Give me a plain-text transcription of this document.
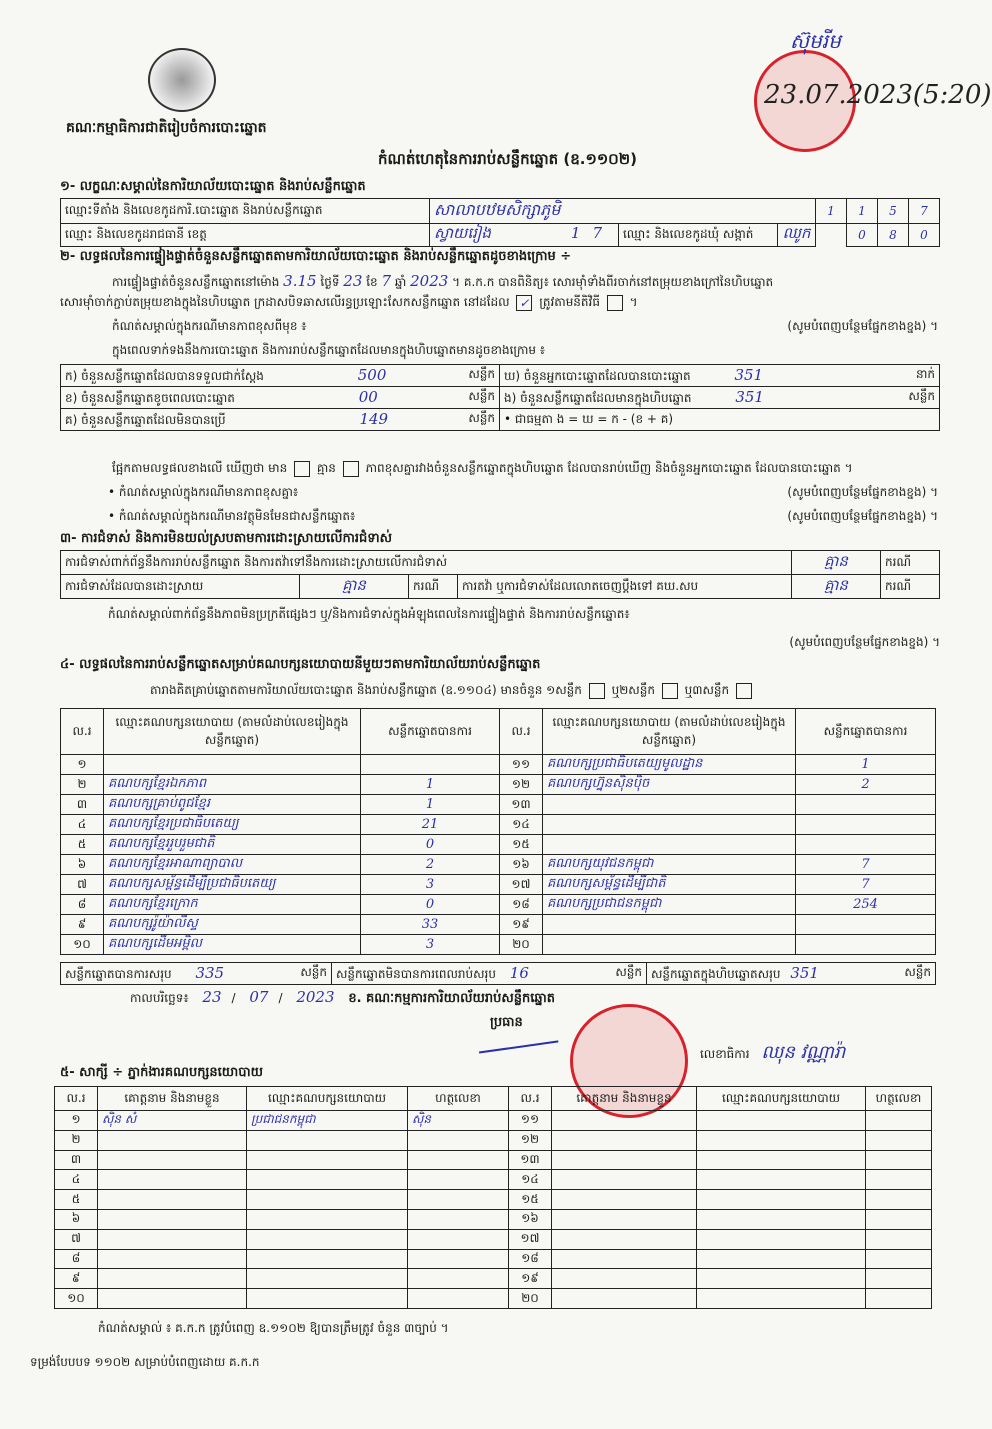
គណៈកម្មាធិការជាតិរៀបចំការបោះឆ្នោត
ស៊ុមរីម
23.07.2023(5:20)
កំណត់ហេតុនៃការរាប់សន្លឹកឆ្នោត (ឧ.១១០២)
១- លក្ខណៈសម្គាល់នៃការិយាល័យបោះឆ្នោត និងរាប់សន្លឹកឆ្នោត
ឈ្មោះទីតាំង និងលេខកូដការិ.បោះឆ្នោត និងរាប់សន្លឹកឆ្នោត	សាលាបឋមសិក្សាភូមិ			1	1	5	7
ឈ្មោះ និងលេខកូដរាជធានី ខេត្ត	ស្វាយរៀង 17	ឈ្មោះ និងលេខកូដឃុំ សង្កាត់	ឈូក		0	8	0
២- លទ្ធផលនៃការផ្ទៀងផ្ទាត់ចំនួនសន្លឹកឆ្នោតតាមការិយាល័យបោះឆ្នោត និងរាប់សន្លឹកឆ្នោតដូចខាងក្រោម ÷
ការផ្ទៀងផ្ទាត់ចំនួនសន្លឹកឆ្នោតនៅម៉ោង 3.15 ថ្ងៃទី 23 ខែ 7 ឆ្នាំ 2023 ។ គ.ក.ក បានពិនិត្យ៖ សោរម៉ាំទាំងពីរចាក់នៅតម្រុយខាងក្រៅនៃហិបឆ្នោត
សោរម៉ាំចាក់ភ្ជាប់តម្រុយខាងក្នុងនៃហិបឆ្នោត ក្រដាសបិទឆាសលើរន្ធប្រឡោះសែកសន្លឹកឆ្នោត នៅដដែល ✓ ត្រូវតាមនីតិវិធី ។
កំណត់សម្គាល់ក្នុងករណីមានភាពខុសពីមុខ ៖	(សូមបំពេញបន្ថែមផ្នែកខាងខ្នង) ។
ក្នុងពេលទាក់ទងនឹងការបោះឆ្នោត និងការរាប់សន្លឹកឆ្នោតដែលមានក្នុងហិបឆ្នោតមានដូចខាងក្រោម ៖
ក) ចំនួនសន្លឹកឆ្នោតដែលបានទទួលជាក់ស្តែង 500 សន្លឹក	ឃ) ចំនួនអ្នកបោះឆ្នោតដែលបានបោះឆ្នោត 351 នាក់

ខ) ចំនួនសន្លឹកឆ្នោតខូចពេលបោះឆ្នោត 00 សន្លឹក	ង) ចំនួនសន្លឹកឆ្នោតដែលមានក្នុងហិបឆ្នោត 351 សន្លឹក

គ) ចំនួនសន្លឹកឆ្នោតដែលមិនបានប្រើ 149 សន្លឹក	• ជាធម្មតា ង = ឃ = ក - (ខ + គ)
ផ្អែកតាមលទ្ធផលខាងលើ ឃើញថា មាន គ្មាន ភាពខុសគ្នារវាងចំនួនសន្លឹកឆ្នោតក្នុងហិបឆ្នោត ដែលបានរាប់ឃើញ និងចំនួនអ្នកបោះឆ្នោត ដែលបានបោះឆ្នោត ។
• កំណត់សម្គាល់ក្នុងករណីមានភាពខុសគ្នា៖	(សូមបំពេញបន្ថែមផ្នែកខាងខ្នង) ។
• កំណត់សម្គាល់ក្នុងករណីមានវត្ថុមិនមែនជាសន្លឹកឆ្នោត៖	(សូមបំពេញបន្ថែមផ្នែកខាងខ្នង) ។
៣- ការជំទាស់ និងការមិនយល់ស្របតាមការដោះស្រាយលើការជំទាស់
ការជំទាស់ពាក់ព័ន្ធនឹងការរាប់សន្លឹកឆ្នោត និងការតវ៉ាទៅនឹងការដោះស្រាយលើការជំទាស់				គ្មាន	ករណី
ការជំទាស់ដែលបានដោះស្រាយ	គ្មាន	ករណី	ការតវ៉ា ឬការជំទាស់ដែលលោតចេញប្តឹងទៅ គឃ.សប	គ្មាន	ករណី
កំណត់សម្គាល់ពាក់ព័ន្ធនឹងភាពមិនប្រក្រតីផ្សេងៗ ឬ/និងការជំទាស់ក្នុងអំឡុងពេលនៃការផ្ទៀងផ្ទាត់ និងការរាប់សន្លឹកឆ្នោត៖
(សូមបំពេញបន្ថែមផ្នែកខាងខ្នង) ។
៤- លទ្ធផលនៃការរាប់សន្លឹកឆ្នោតសម្រាប់គណបក្សនយោបាយនីមួយៗតាមការិយាល័យរាប់សន្លឹកឆ្នោត
តារាងគិតគ្រាប់ឆ្នោតតាមការិយាល័យបោះឆ្នោត និងរាប់សន្លឹកឆ្នោត (ឧ.១១០៤) មានចំនួន ១សន្លឹក ឬ២សន្លឹក ឬ៣សន្លឹក
ល.រ	ឈ្មោះគណបក្សនយោបាយ (តាមលំដាប់លេខរៀងក្នុងសន្លឹកឆ្នោត)	សន្លឹកឆ្នោតបានការ	ល.រ	ឈ្មោះគណបក្សនយោបាយ (តាមលំដាប់លេខរៀងក្នុងសន្លឹកឆ្នោត)	សន្លឹកឆ្នោតបានការ
១			១១	គណបក្សប្រជាធិបតេយ្យមូលដ្ឋាន	1
២	គណបក្សខ្មែរ​ឯកភាព	1	១២	គណបក្សហ្វ៊ុនស៊ិនប៉ិច	2
៣	គណបក្សគ្រាប់ពូជខ្មែរ	1	១៣		
៤	គណបក្សខ្មែរ​ប្រជាធិបតេយ្យ	21	១៤		
៥	គណបក្សខ្មែរ​រួបរួមជាតិ	0	១៥		
៦	គណបក្សខ្មែរ​អាណាព្យាបាល	2	១៦	គណបក្សយុវជនកម្ពុជា	7
៧	គណបក្សសម្ព័ន្ធដើម្បីប្រជាធិបតេយ្យ	3	១៧	គណបក្សសម្ព័ន្ធដើម្បីជាតិ	7
៨	គណបក្សខ្មែរ​ក្រោក	0	១៨	គណបក្សប្រជាជនកម្ពុជា	254
៩	គណបក្សរ៉ូយ៉ាលីស្ទ	33	១៩		
១០	គណបក្សដើមអម្ពិល	3	២០		
សន្លឹកឆ្នោតបានការសរុប 335	សន្លឹក	សន្លឹកឆ្នោតមិនបានការពេលរាប់សរុប 16	សន្លឹក	សន្លឹកឆ្នោតក្នុងហិបឆ្នោតសរុប 351	សន្លឹក
កាលបរិច្ឆេទ៖ 23 / 07 / 2023 ខ. គណៈកម្មការការិយាល័យរាប់សន្លឹកឆ្នោត
ប្រធាន
លេខាធិការ ឈុន វណ្ណារ៉ា
៥- សាក្សី ÷ ភ្នាក់ងារគណបក្សនយោបាយ
ល.រ	គោត្តនាម និងនាមខ្លួន	ឈ្មោះគណបក្សនយោបាយ	ហត្ថលេខា	ល.រ	គោត្តនាម និងនាមខ្លួន	ឈ្មោះគណបក្សនយោបាយ	ហត្ថលេខា
១	ស៊ិន សំ	ប្រជាជនកម្ពុជា	ស៊ិន	១១			
២				១២			
៣				១៣			
៤				១៤			
៥				១៥			
៦				១៦			
៧				១៧			
៨				១៨			
៩				១៩			
១០				២០			
កំណត់សម្គាល់ ៖ គ.ក.ក ត្រូវបំពេញ ឧ.១១០២ ឱ្យបានត្រឹមត្រូវ ចំនួន ៣ច្បាប់ ។
ទម្រង់បែបបទ ១១០២ សម្រាប់បំពេញដោយ គ.ក.ក
